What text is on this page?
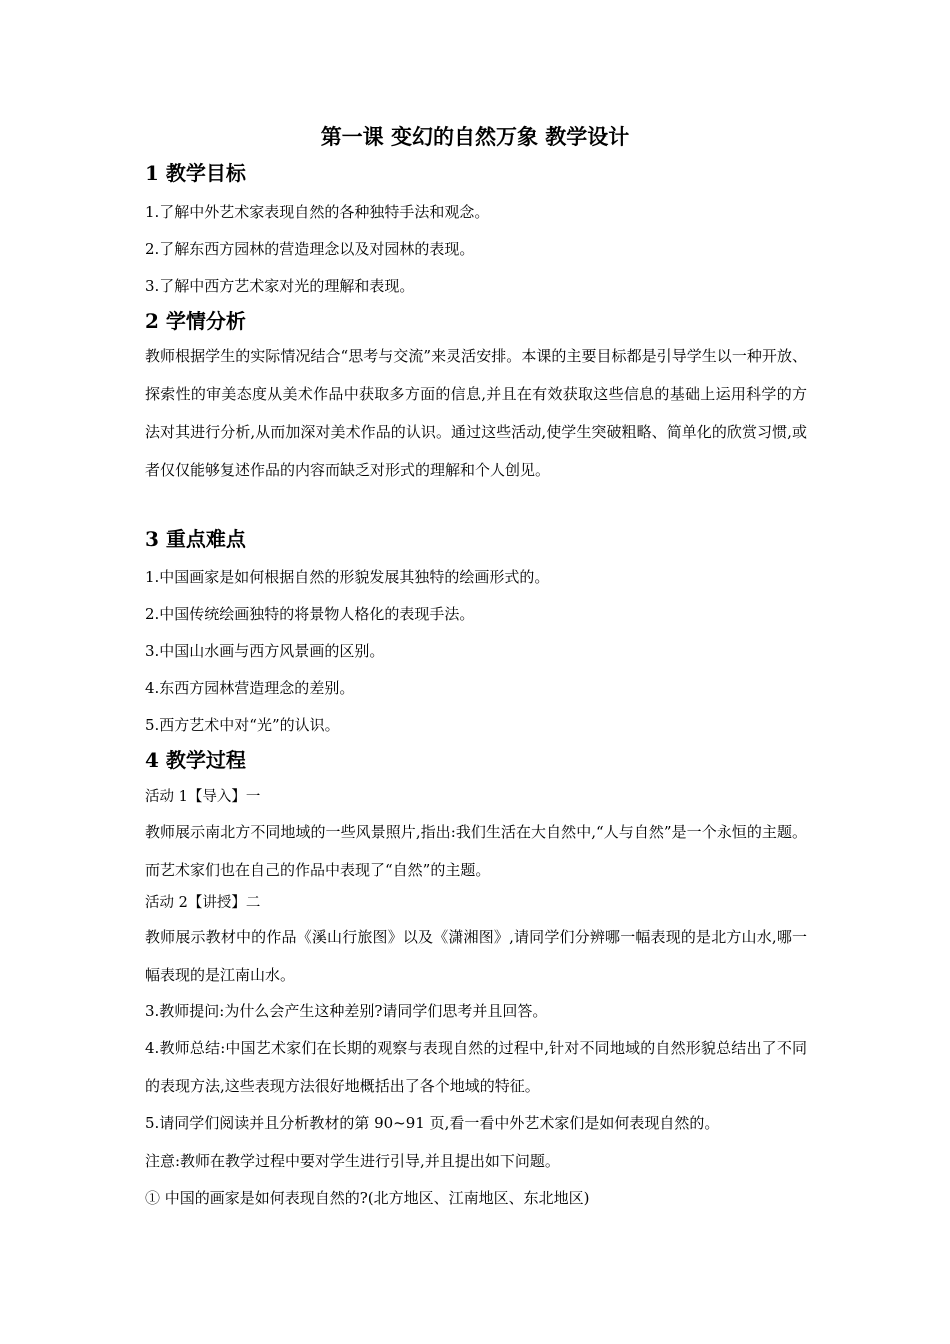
第一课 变幻的自然万象 教学设计
1 教学目标
1.了解中外艺术家表现自然的各种独特手法和观念。
2.了解东西方园林的营造理念以及对园林的表现。
3.了解中西方艺术家对光的理解和表现。
2 学情分析
教师根据学生的实际情况结合“思考与交流”来灵活安排。本课的主要目标都是引导学生以一种开放、探索性的审美态度从美术作品中获取多方面的信息,并且在有效获取这些信息的基础上运用科学的方法对其进行分析,从而加深对美术作品的认识。通过这些活动,使学生突破粗略、简单化的欣赏习惯,或者仅仅能够复述作品的内容而缺乏对形式的理解和个人创见。
3 重点难点
1.中国画家是如何根据自然的形貌发展其独特的绘画形式的。
2.中国传统绘画独特的将景物人格化的表现手法。
3.中国山水画与西方风景画的区别。
4.东西方园林营造理念的差别。
5.西方艺术中对“光”的认识。
4 教学过程
活动 1【导入】一
教师展示南北方不同地域的一些风景照片,指出:我们生活在大自然中,“人与自然”是一个永恒的主题。而艺术家们也在自己的作品中表现了“自然”的主题。
活动 2【讲授】二
教师展示教材中的作品《溪山行旅图》以及《潇湘图》,请同学们分辨哪一幅表现的是北方山水,哪一幅表现的是江南山水。
3.教师提问:为什么会产生这种差别?请同学们思考并且回答。
4.教师总结:中国艺术家们在长期的观察与表现自然的过程中,针对不同地域的自然形貌总结出了不同的表现方法,这些表现方法很好地概括出了各个地域的特征。
5.请同学们阅读并且分析教材的第 90~91 页,看一看中外艺术家们是如何表现自然的。
注意:教师在教学过程中要对学生进行引导,并且提出如下问题。
① 中国的画家是如何表现自然的?(北方地区、江南地区、东北地区)
